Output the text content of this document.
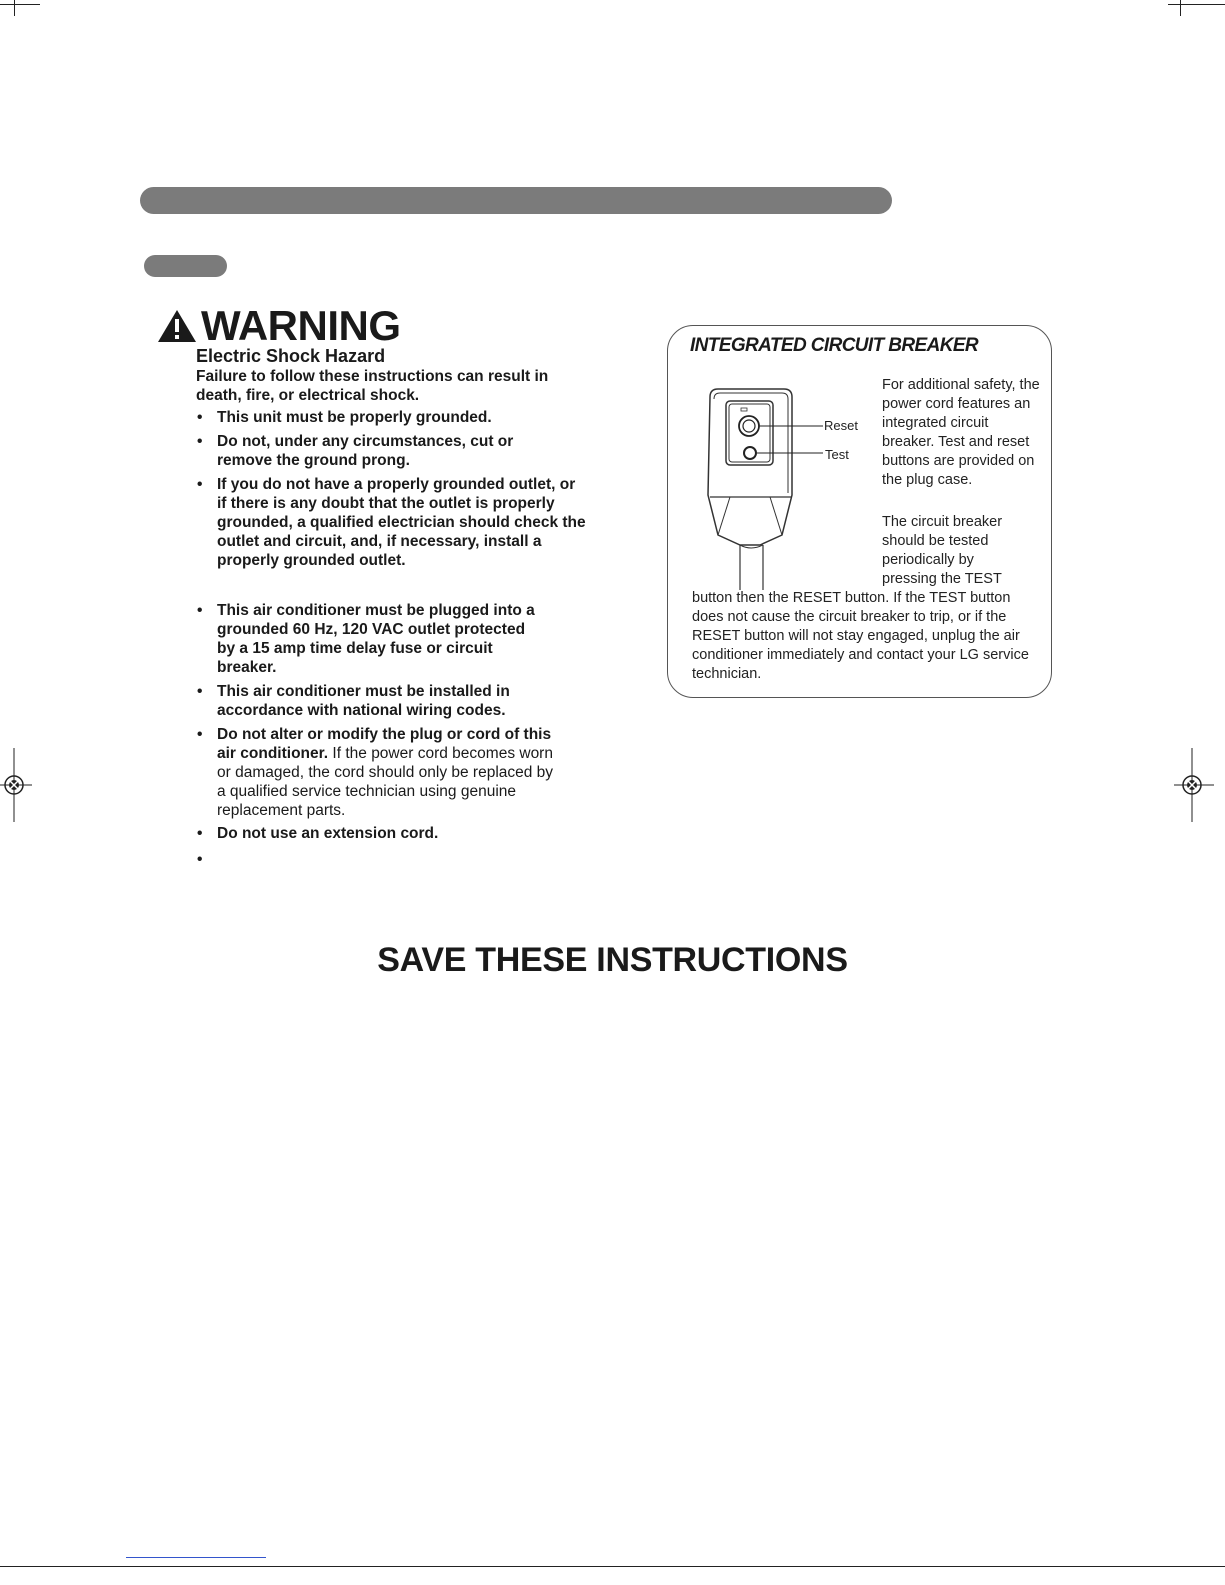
WARNING
Electric Shock Hazard
Failure to follow these instructions can result in death, fire, or electrical shock.
• This unit must be properly grounded.
• Do not, under any circumstances, cut or remove the ground prong.
• If you do not have a properly grounded outlet, or if there is any doubt that the outlet is properly grounded, a qualified electrician should check the outlet and circuit, and, if necessary, install a properly grounded outlet.
• This air conditioner must be plugged into a grounded 60 Hz, 120 VAC outlet protected by a 15 amp time delay fuse or circuit breaker.
• This air conditioner must be installed in accordance with national wiring codes.
• Do not alter or modify the plug or cord of this air conditioner. If the power cord becomes worn or damaged, the cord should only be replaced by a qualified service technician using genuine replacement parts.
• Do not use an extension cord.
•
INTEGRATED CIRCUIT BREAKER
Reset
Test
For additional safety, the power cord features an integrated circuit breaker. Test and reset buttons are provided on the plug case.
The circuit breaker should be tested periodically by pressing the TEST
button then the RESET button. If the TEST button does not cause the circuit breaker to trip, or if the RESET button will not stay engaged, unplug the air conditioner immediately and contact your LG service technician.
SAVE THESE INSTRUCTIONS
